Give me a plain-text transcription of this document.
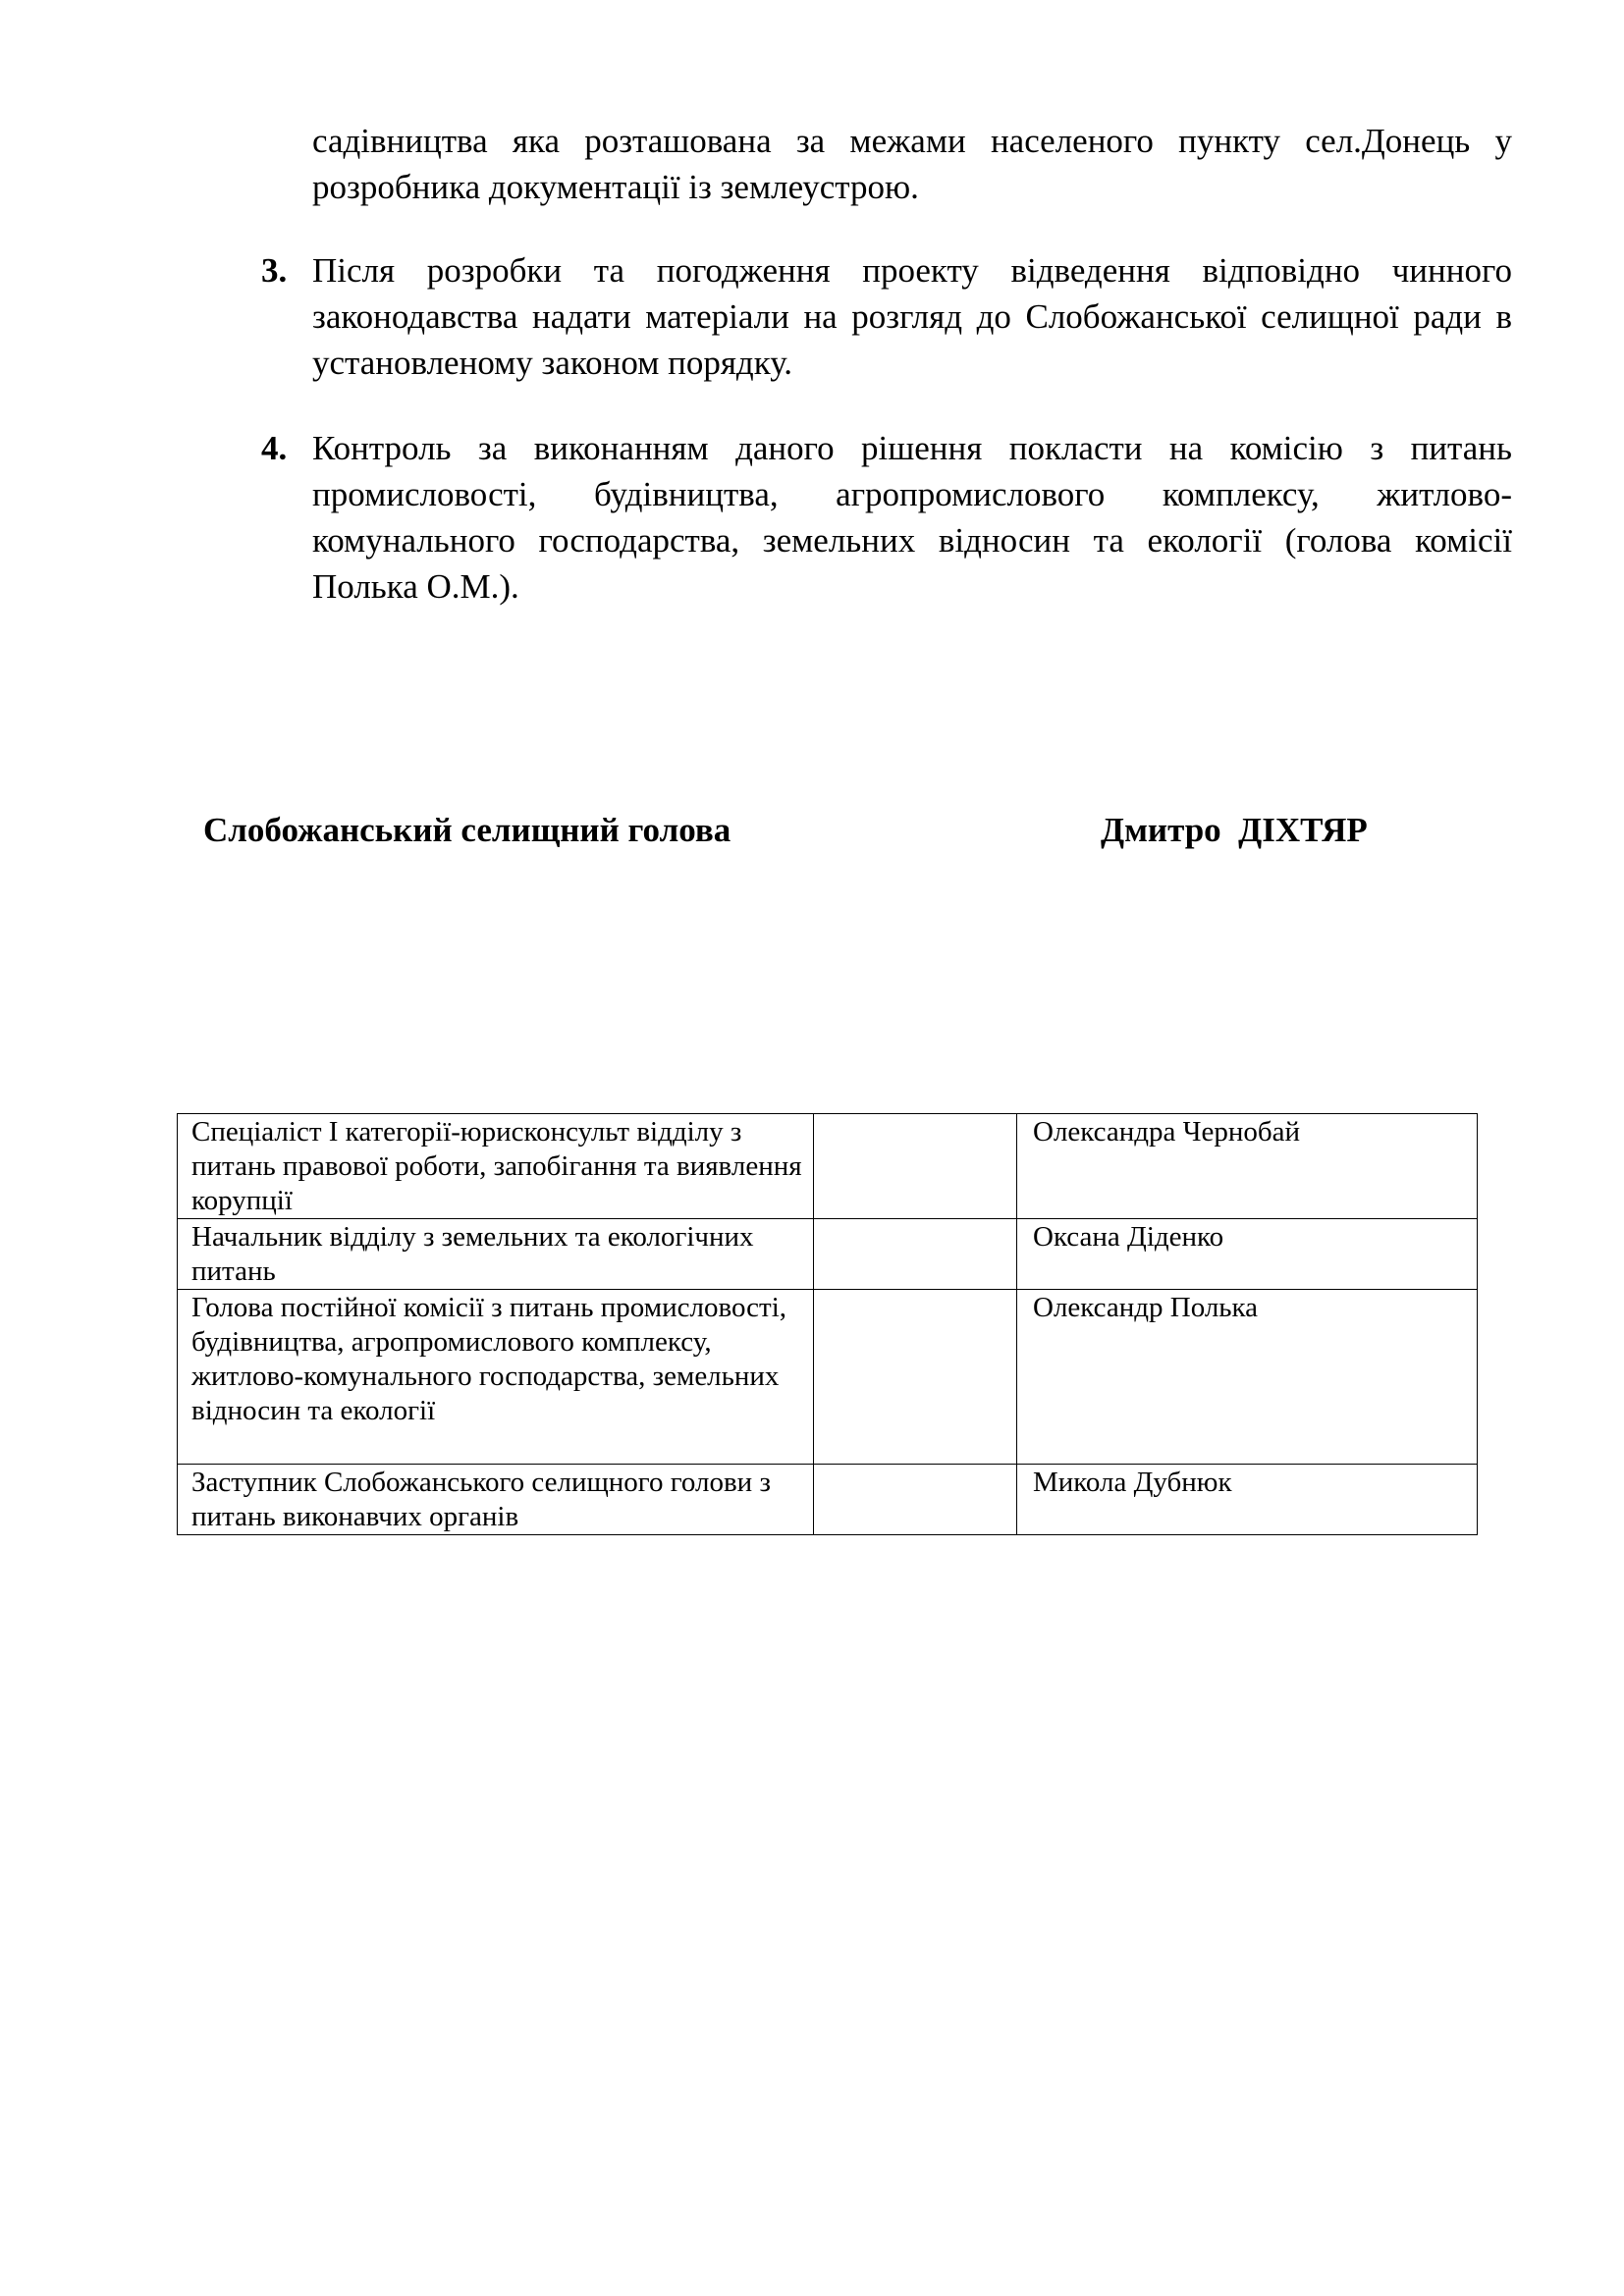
садівництва яка розташована за межами населеного пункту сел.Донець у розробника документації із землеустрою.
3. Після розробки та погодження проекту відведення відповідно чинного законодавства надати матеріали на розгляд до Слобожанської селищної ради в установленому законом порядку.
4. Контроль за виконанням даного рішення покласти на комісію з питань промисловості, будівництва, агропромислового комплексу, житлово-комунального господарства, земельних відносин та екології (голова комісії Полька О.М.).
Слобожанський селищний голова	Дмитро  ДІХТЯР
Спеціаліст І категорії-юрисконсульт відділу з питань правової роботи, запобігання та виявлення корупції		Олександра Чернобай
Начальник відділу з земельних та екологічних питань		Оксана Діденко
Голова постійної комісії з питань промисловості, будівництва, агропромислового комплексу, житлово-комунального господарства, земельних відносин та екології		Олександр Полька
Заступник Слобожанського селищного голови з питань виконавчих органів		Микола Дубнюк
